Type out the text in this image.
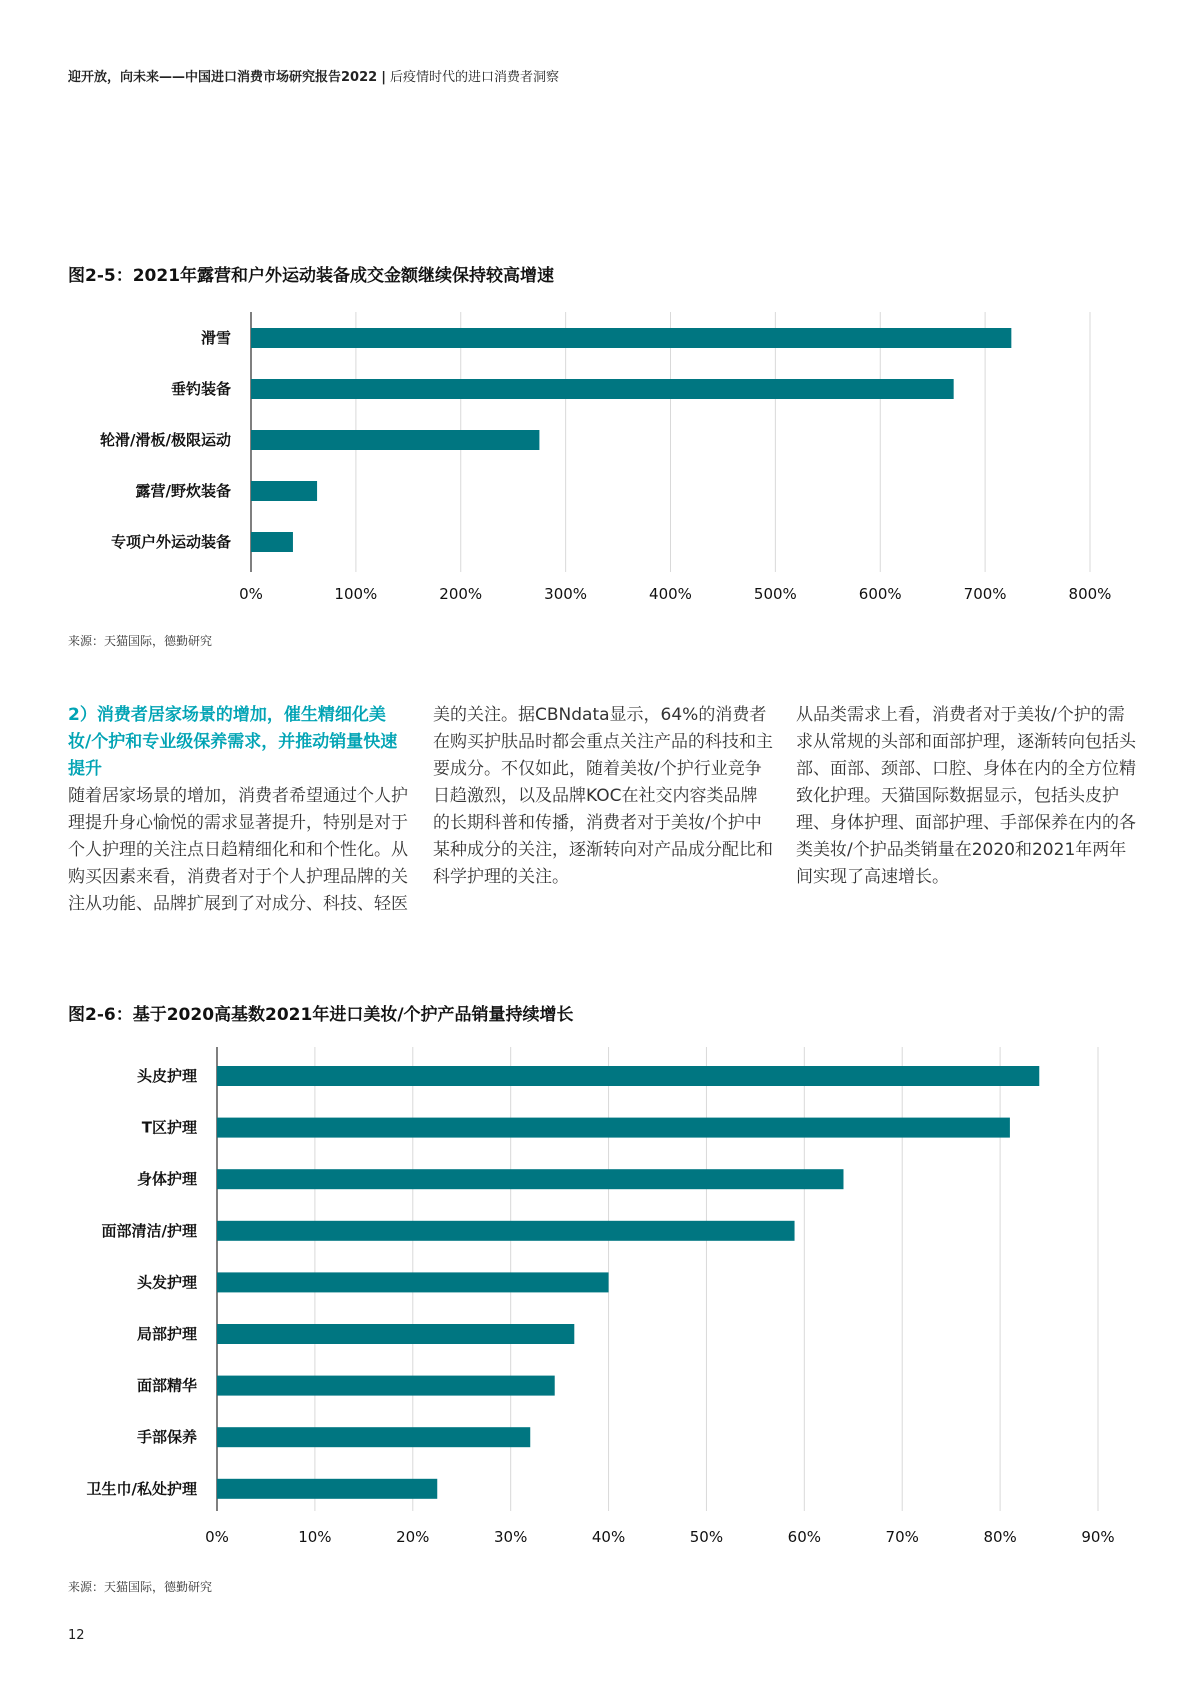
迎开放，向未来——中国进口消费市场研究报告2022 | 后疫情时代的进口消费者洞察
图2-5：2021年露营和户外运动装备成交金额继续保持较高增速
0%	100%	200%	300%	400%	500%	600%	700%	800%
滑雪
垂钓装备
轮滑/滑板/极限运动
露营/野炊装备
专项户外运动装备
来源：天猫国际，德勤研究

2）消费者居家场景的增加，催生精细化美妆/个护和专业级保养需求，并推动销量快速提升

随着居家场景的增加，消费者希望通过个人护理提升身心愉悦的需求显著提升，特别是对于个人护理的关注点日趋精细化和和个性化。从购买因素来看，消费者对于个人护理品牌的关注从功能、品牌扩展到了对成分、科技、轻医

美的关注。据CBNdata显示，64%的消费者在购买护肤品时都会重点关注产品的科技和主要成分。不仅如此，随着美妆/个护行业竞争日趋激烈，以及品牌KOC在社交内容类品牌的长期科普和传播，消费者对于美妆/个护中某种成分的关注，逐渐转向对产品成分配比和科学护理的关注。

从品类需求上看，消费者对于美妆/个护的需求从常规的头部和面部护理，逐渐转向包括头部、面部、颈部、口腔、身体在内的全方位精致化护理。天猫国际数据显示，包括头皮护理、身体护理、面部护理、手部保养在内的各类美妆/个护品类销量在2020和2021年两年间实现了高速增长。

图2-6：基于2020高基数2021年进口美妆/个护产品销量持续增长
0%	10%	20%	30%	40%	50%	60%	70%	80%	90%
头皮护理
T区护理
身体护理
面部清洁/护理
头发护理
局部护理
面部精华
手部保养
卫生巾/私处护理
来源：天猫国际，德勤研究
12
